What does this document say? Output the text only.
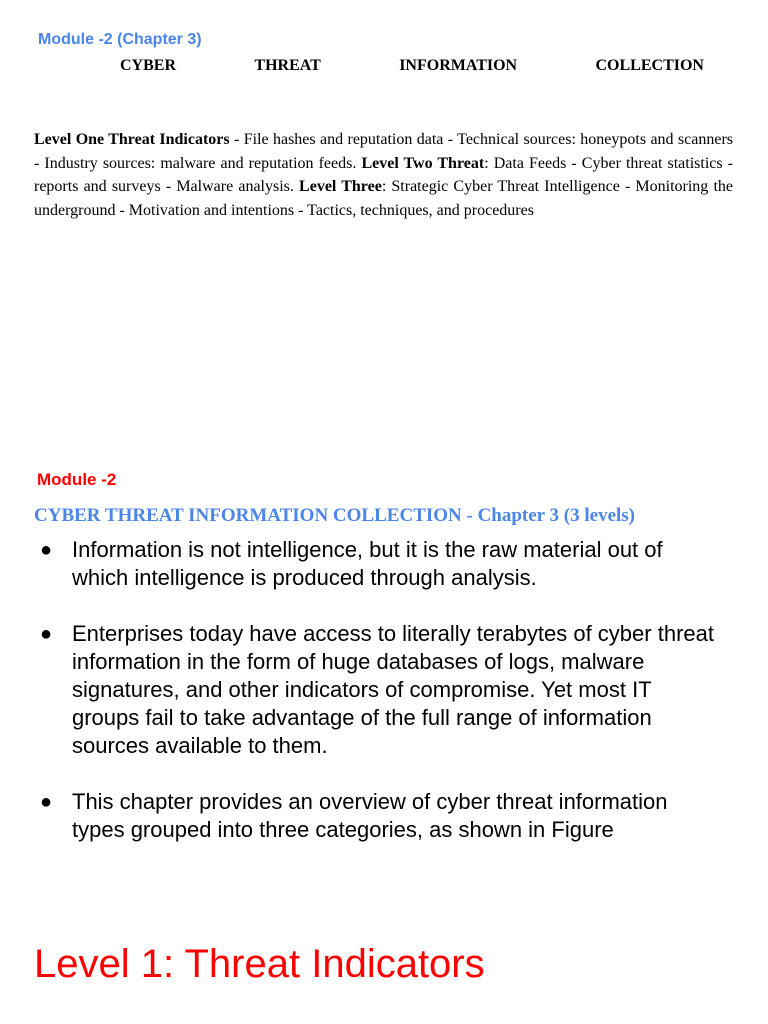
Module -2 (Chapter 3)
CYBER	THREAT	INFORMATION	COLLECTION

Level One Threat Indicators - File hashes and reputation data - Technical sources: honeypots and scanners - Industry sources: malware and reputation feeds. Level Two Threat: Data Feeds - Cyber threat statistics - reports and surveys - Malware analysis. Level Three: Strategic Cyber Threat Intelligence - Monitoring the underground - Motivation and intentions - Tactics, techniques, and procedures

Module -2
CYBER THREAT INFORMATION COLLECTION - Chapter 3 (3 levels)
● Information is not intelligence, but it is the raw material out of which intelligence is produced through analysis.
● Enterprises today have access to literally terabytes of cyber threat information in the form of huge databases of logs, malware signatures, and other indicators of compromise. Yet most IT groups fail to take advantage of the full range of information sources available to them.
● This chapter provides an overview of cyber threat information types grouped into three categories, as shown in Figure
Level 1: Threat Indicators
